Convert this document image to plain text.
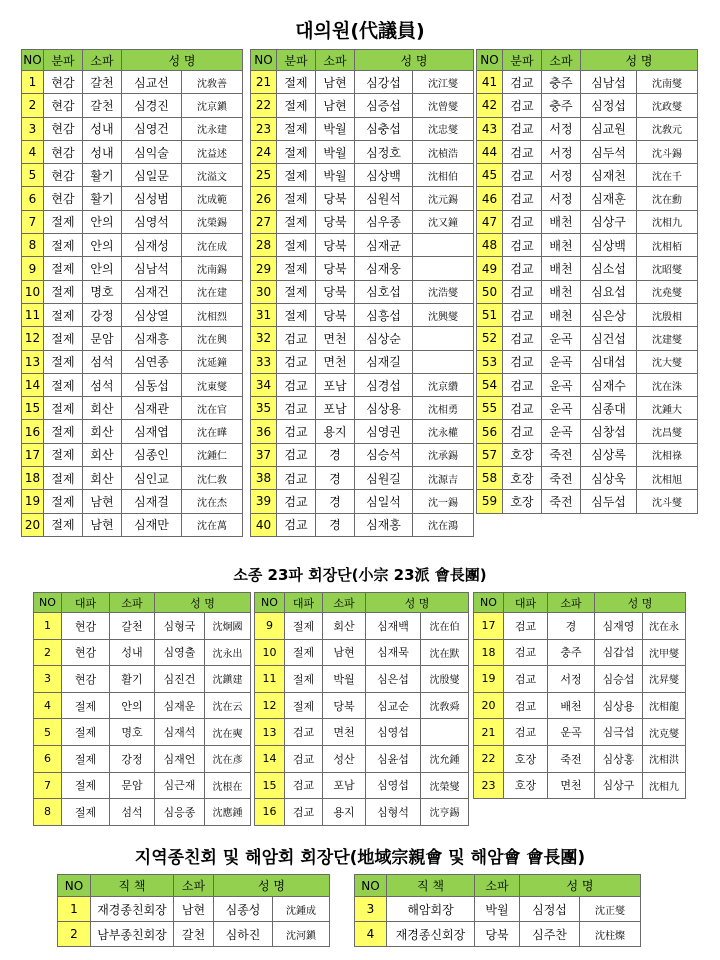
대의원(代議員)
소종 23파 회장단(小宗 23派 會長團)
지역종친회 및 해암회 회장단(地域宗親會 및 해암會 會長團)
NO	분파	소파	성 명	
1	현감	갈천	심교선	沈敎善
2	현감	갈천	심경진	沈京鎭
3	현감	성내	심영건	沈永建
4	현감	성내	심익술	沈益述
5	현감	활기	심일문	沈溢文
6	현감	활기	심성범	沈成範
7	절제	안의	심영석	沈榮錫
8	절제	안의	심재성	沈在成
9	절제	안의	심남석	沈南錫
10	절제	명호	심재건	沈在建
11	절제	강정	심상열	沈相烈
12	절제	문암	심재흥	沈在興
13	절제	섬석	심연종	沈延鐘
14	절제	섬석	심동섭	沈東燮
15	절제	회산	심재관	沈在官
16	절제	회산	심재엽	沈在曄
17	절제	회산	심종인	沈鍾仁
18	절제	회산	심인교	沈仁敎
19	절제	남현	심재걸	沈在杰
20	절제	남현	심재만	沈在萬
NO	분파	소파	성 명	
21	절제	남현	심강섭	沈江燮
22	절제	남현	심증섭	沈曾燮
23	절제	박월	심충섭	沈忠燮
24	절제	박월	심정호	沈楨浩
25	절제	박월	심상백	沈相伯
26	절제	당북	심원석	沈元錫
27	절제	당북	심우종	沈又鐘
28	절제	당북	심재균	
29	절제	당북	심재웅	
30	절제	당북	심호섭	沈浩燮
31	절제	당북	심흥섭	沈興燮
32	검교	면천	심상순	
33	검교	면천	심재길	
34	검교	포남	심경섭	沈京纘
35	검교	포남	심상용	沈相勇
36	검교	용지	심영권	沈永權
37	검교	경	심승석	沈承錫
38	검교	경	심원길	沈源吉
39	검교	경	심일석	沈一錫
40	검교	경	심재홍	沈在鴻
NO	분파	소파	성 명	
41	검교	충주	심남섭	沈南燮
42	검교	충주	심정섭	沈政燮
43	검교	서정	심교원	沈敎元
44	검교	서정	심두석	沈斗錫
45	검교	서정	심재천	沈在千
46	검교	서정	심재훈	沈在勳
47	검교	배천	심상구	沈相九
48	검교	배천	심상백	沈相栢
49	검교	배천	심소섭	沈昭燮
50	검교	배천	심요섭	沈堯燮
51	검교	배천	심은상	沈殷相
52	검교	운곡	심건섭	沈建燮
53	검교	운곡	심대섭	沈大燮
54	검교	운곡	심재수	沈在洙
55	검교	운곡	심종대	沈鍾大
56	검교	운곡	심창섭	沈昌燮
57	호장	죽전	심상록	沈相祿
58	호장	죽전	심상욱	沈相旭
59	호장	죽전	심두섭	沈斗燮
NO	대파	소파	성 명	
1	현감	갈천	심형국	沈炯國
2	현감	성내	심영출	沈永出
3	현감	활기	심진건	沈鎭建
4	절제	안의	심재운	沈在云
5	절제	명호	심재석	沈在奭
6	절제	강정	심재언	沈在彥
7	절제	문암	심근재	沈根在
8	절제	섬석	심응종	沈應鍾
NO	대파	소파	성 명	
9	절제	회산	심재백	沈在伯
10	절제	남현	심재묵	沈在默
11	절제	박월	심은섭	沈殷燮
12	절제	당북	심교순	沈敎舜
13	검교	면천	심영섭	
14	검교	성산	심윤섭	沈允鍾
15	검교	포남	심영섭	沈榮燮
16	검교	용지	심형석	沈亨錫
NO	대파	소파	성 명	
17	검교	경	심재영	沈在永
18	검교	충주	심갑섭	沈甲燮
19	검교	서정	심승섭	沈昇燮
20	검교	배천	심상용	沈相龍
21	검교	운곡	심극섭	沈克燮
22	호장	죽전	심상홍	沈相洪
23	호장	면천	심상구	沈相九
NO	직 책	소파	성 명	
1	재경종친회장	남현	심종성	沈鍾成
2	남부종친회장	갈천	심하진	沈河鎭
NO	직 책	소파	성 명	
3	해암회장	박월	심정섭	沈正燮
4	재경종신회장	당북	심주찬	沈柱燦
